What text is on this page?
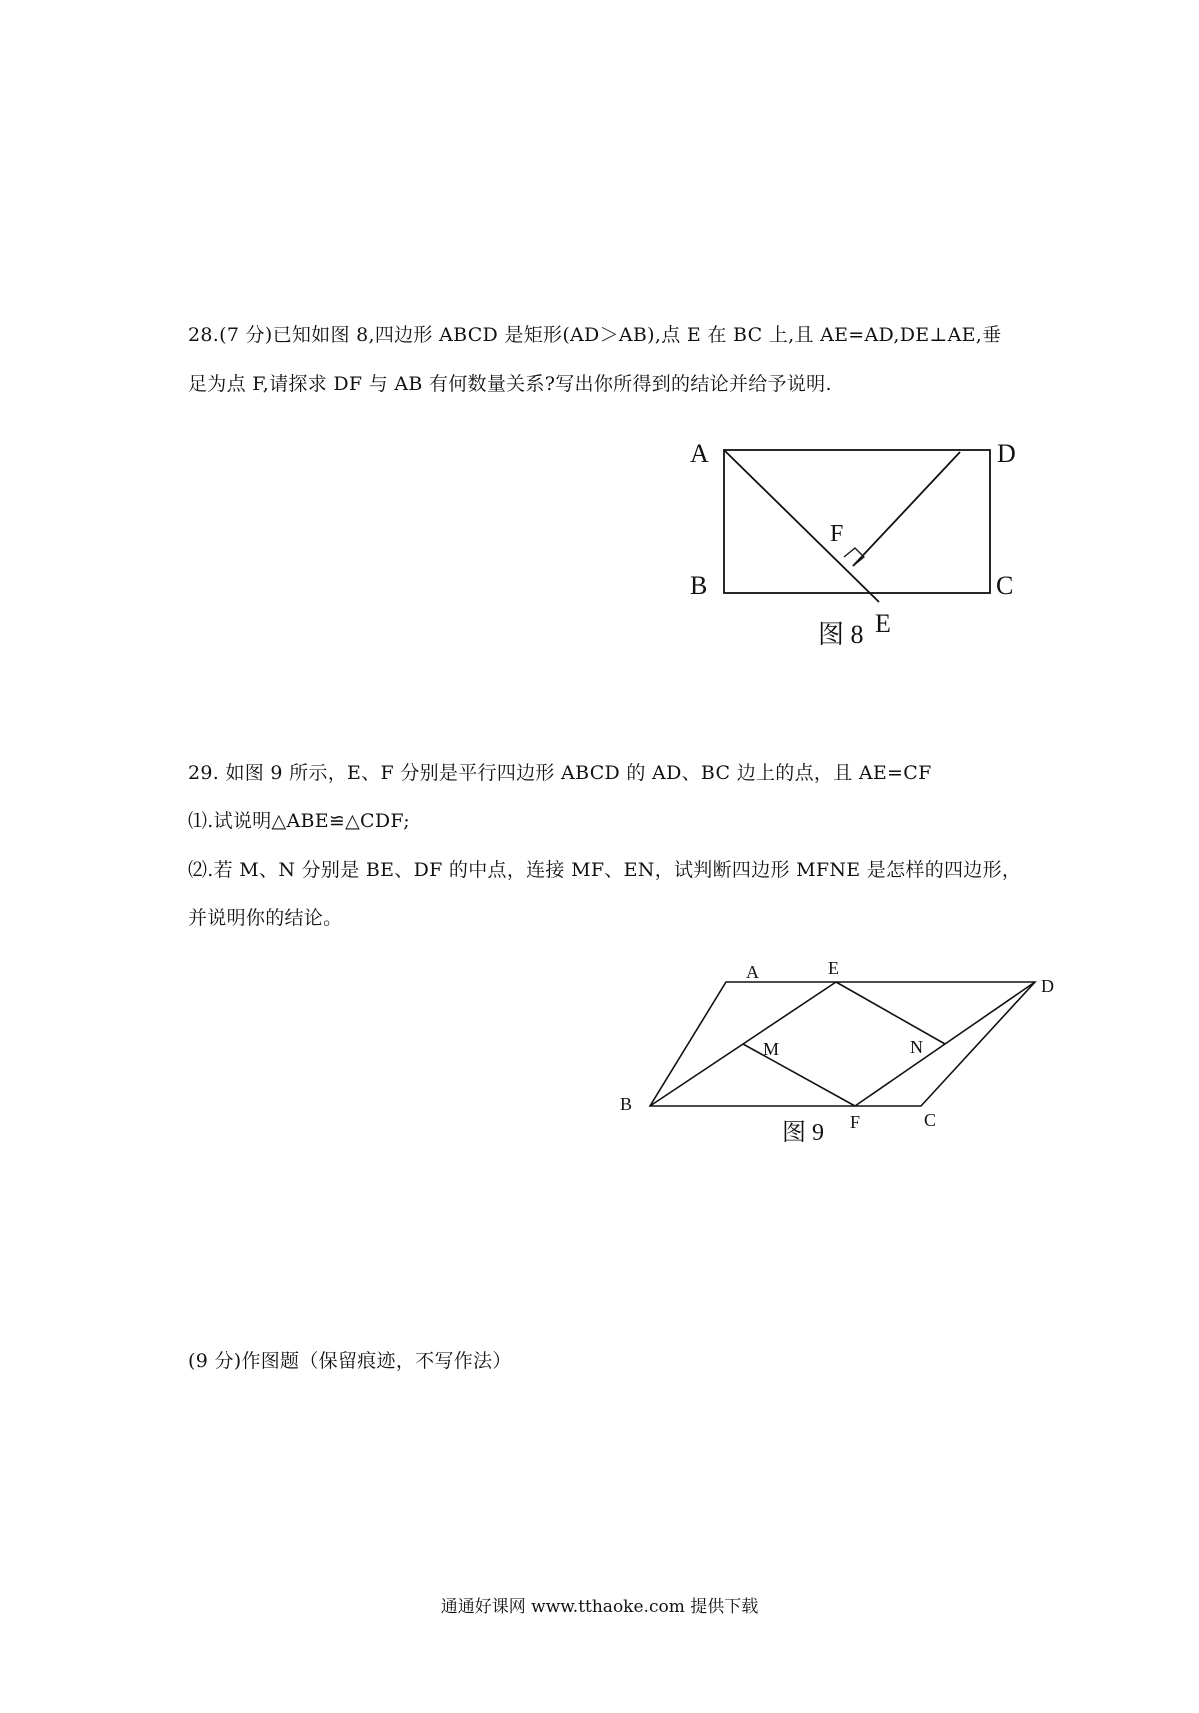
28.(7 分)已知如图 8,四边形 ABCD 是矩形(AD＞AB),点 E 在 BC 上,且 AE=AD,DE⊥AE,垂
足为点 F,请探求 DF 与 AB 有何数量关系?写出你所得到的结论并给予说明.
A	D
B	C
F
E
图 8
29. 如图 9 所示，E、F 分别是平行四边形 ABCD 的 AD、BC 边上的点，且 AE=CF
⑴.试说明△ABE≌△CDF;
⑵.若 M、N 分别是 BE、DF 的中点，连接 MF、EN，试判断四边形 MFNE 是怎样的四边形，
并说明你的结论。
A	E
D
M	N
B
F	C
图 9
(9 分)作图题（保留痕迹，不写作法）
通通好课网 www.tthaoke.com 提供下载
